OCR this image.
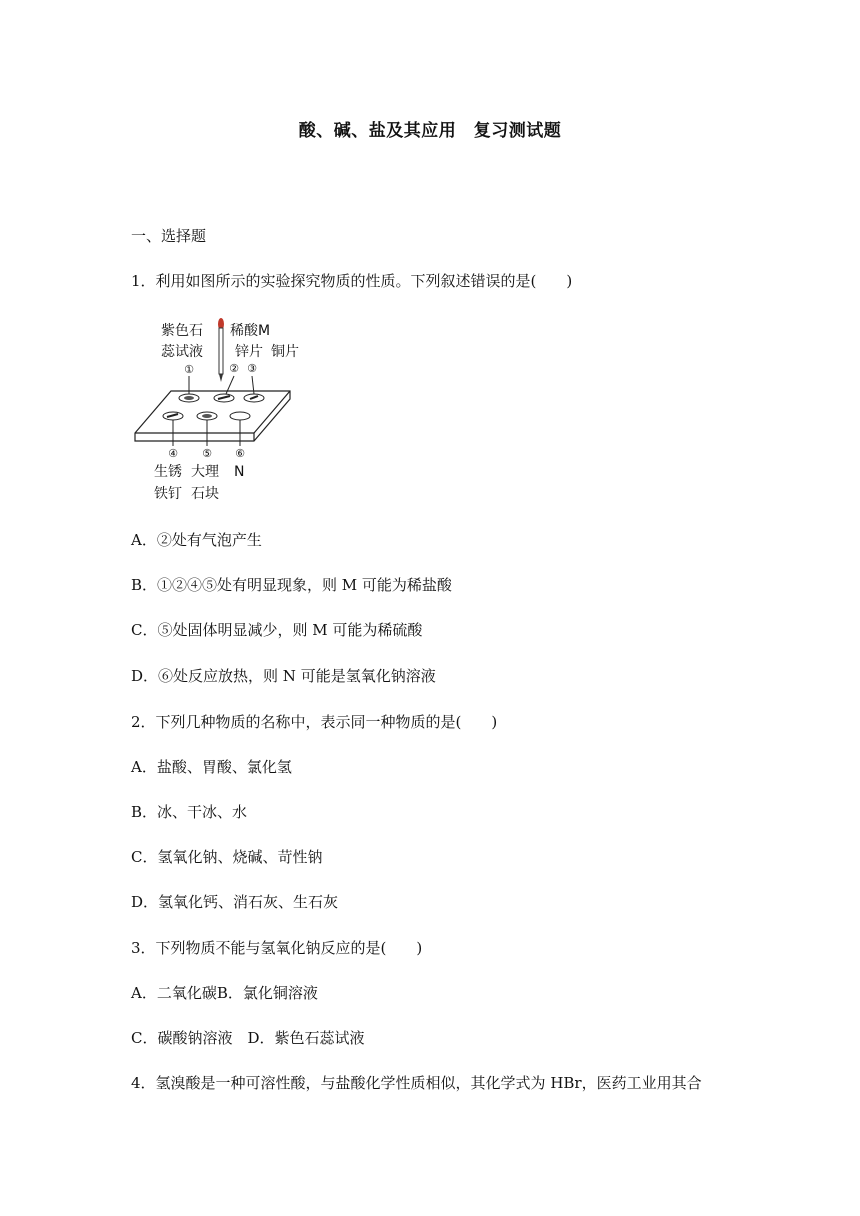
酸、碱、盐及其应用　复习测试题
一、选择题
1．利用如图所示的实验探究物质的性质。下列叙述错误的是(　　)
紫色石
蕊试液
稀酸M
锌片 铜片
①	② ③
④ ⑤ ⑥
生锈
铁钉
大理
石块
N
A．②处有气泡产生
B．①②④⑤处有明显现象，则 M 可能为稀盐酸
C．⑤处固体明显减少，则 M 可能为稀硫酸
D．⑥处反应放热，则 N 可能是氢氧化钠溶液
2．下列几种物质的名称中，表示同一种物质的是(　　)
A．盐酸、胃酸、氯化氢
B．冰、干冰、水
C．氢氧化钠、烧碱、苛性钠
D．氢氧化钙、消石灰、生石灰
3．下列物质不能与氢氧化钠反应的是(　　)
A．二氧化碳B．氯化铜溶液
C．碳酸钠溶液　D．紫色石蕊试液
4．氢溴酸是一种可溶性酸，与盐酸化学性质相似，其化学式为 HBr，医药工业用其合
